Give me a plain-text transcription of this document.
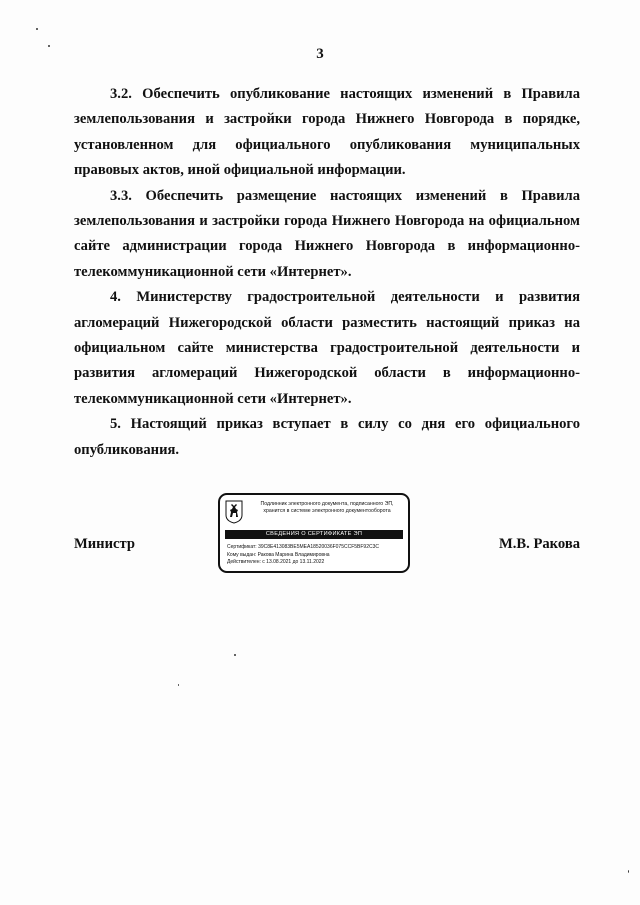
3

3.2. Обеспечить опубликование настоящих изменений в Правила землепользования и застройки города Нижнего Новгорода в порядке, установленном для официального опубликования муниципальных правовых актов, иной официальной информации.

3.3. Обеспечить размещение настоящих изменений в Правила землепользования и застройки города Нижнего Новгорода на официальном сайте администрации города Нижнего Новгорода в информационно-телекоммуникационной сети «Интернет».

4. Министерству градостроительной деятельности и развития агломераций Нижегородской области разместить настоящий приказ на официальном сайте министерства градостроительной деятельности и развития агломераций Нижегородской области в информационно-телекоммуникационной сети «Интернет».

5. Настоящий приказ вступает в силу со дня его официального опубликования.

Министр
Подлинник электронного документа, подписанного ЭП,
хранится в системе электронного документооборота
СВЕДЕНИЯ О СЕРТИФИКАТЕ ЭП
Сертификат: 39C8E413083BE5MEA18520036F075CCF5BF92C3C
Кому выдан: Ракова Марина Владимировна
Действителен: с 13.08.2021 до 13.11.2022
М.В. Ракова
